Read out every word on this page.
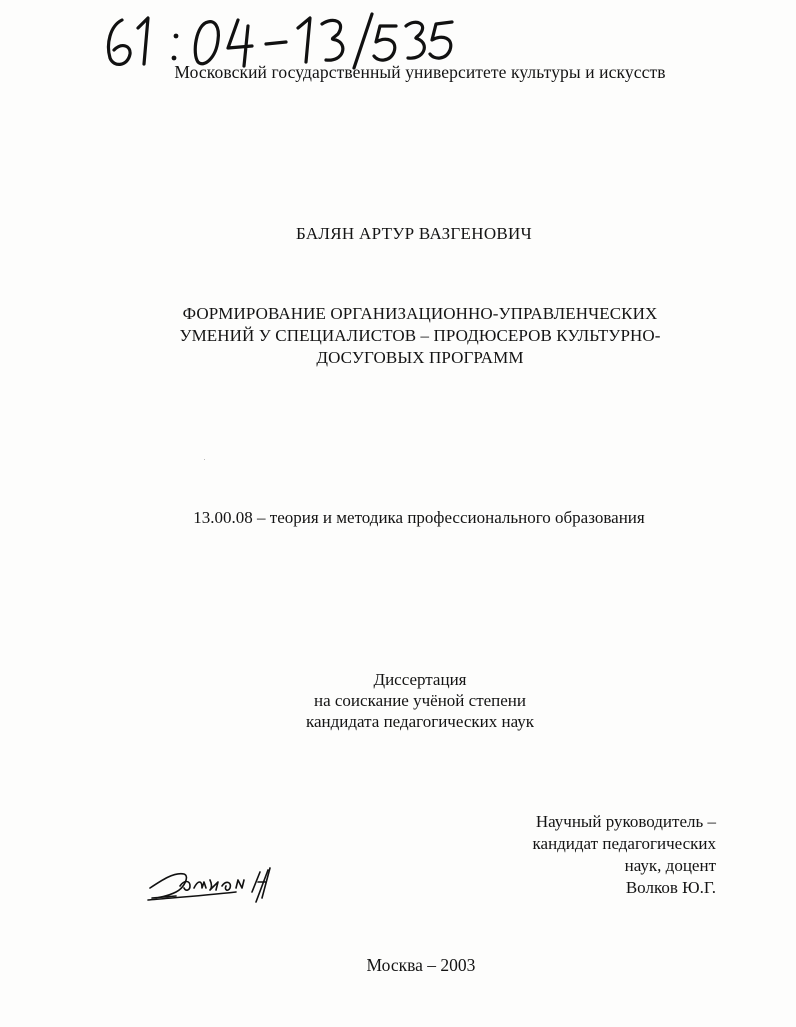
Московский государственный университете культуры и искусств
БАЛЯН АРТУР ВАЗГЕНОВИЧ
ФОРМИРОВАНИЕ ОРГАНИЗАЦИОННО-УПРАВЛЕНЧЕСКИХ
УМЕНИЙ У СПЕЦИАЛИСТОВ – ПРОДЮСЕРОВ КУЛЬТУРНО-
ДОСУГОВЫХ ПРОГРАММ
13.00.08 – теория и методика профессионального образования
Диссертация
на соискание учёной степени
кандидата педагогических наук
Научный руководитель –
кандидат педагогических
наук, доцент
Волков Ю.Г.
Москва – 2003
